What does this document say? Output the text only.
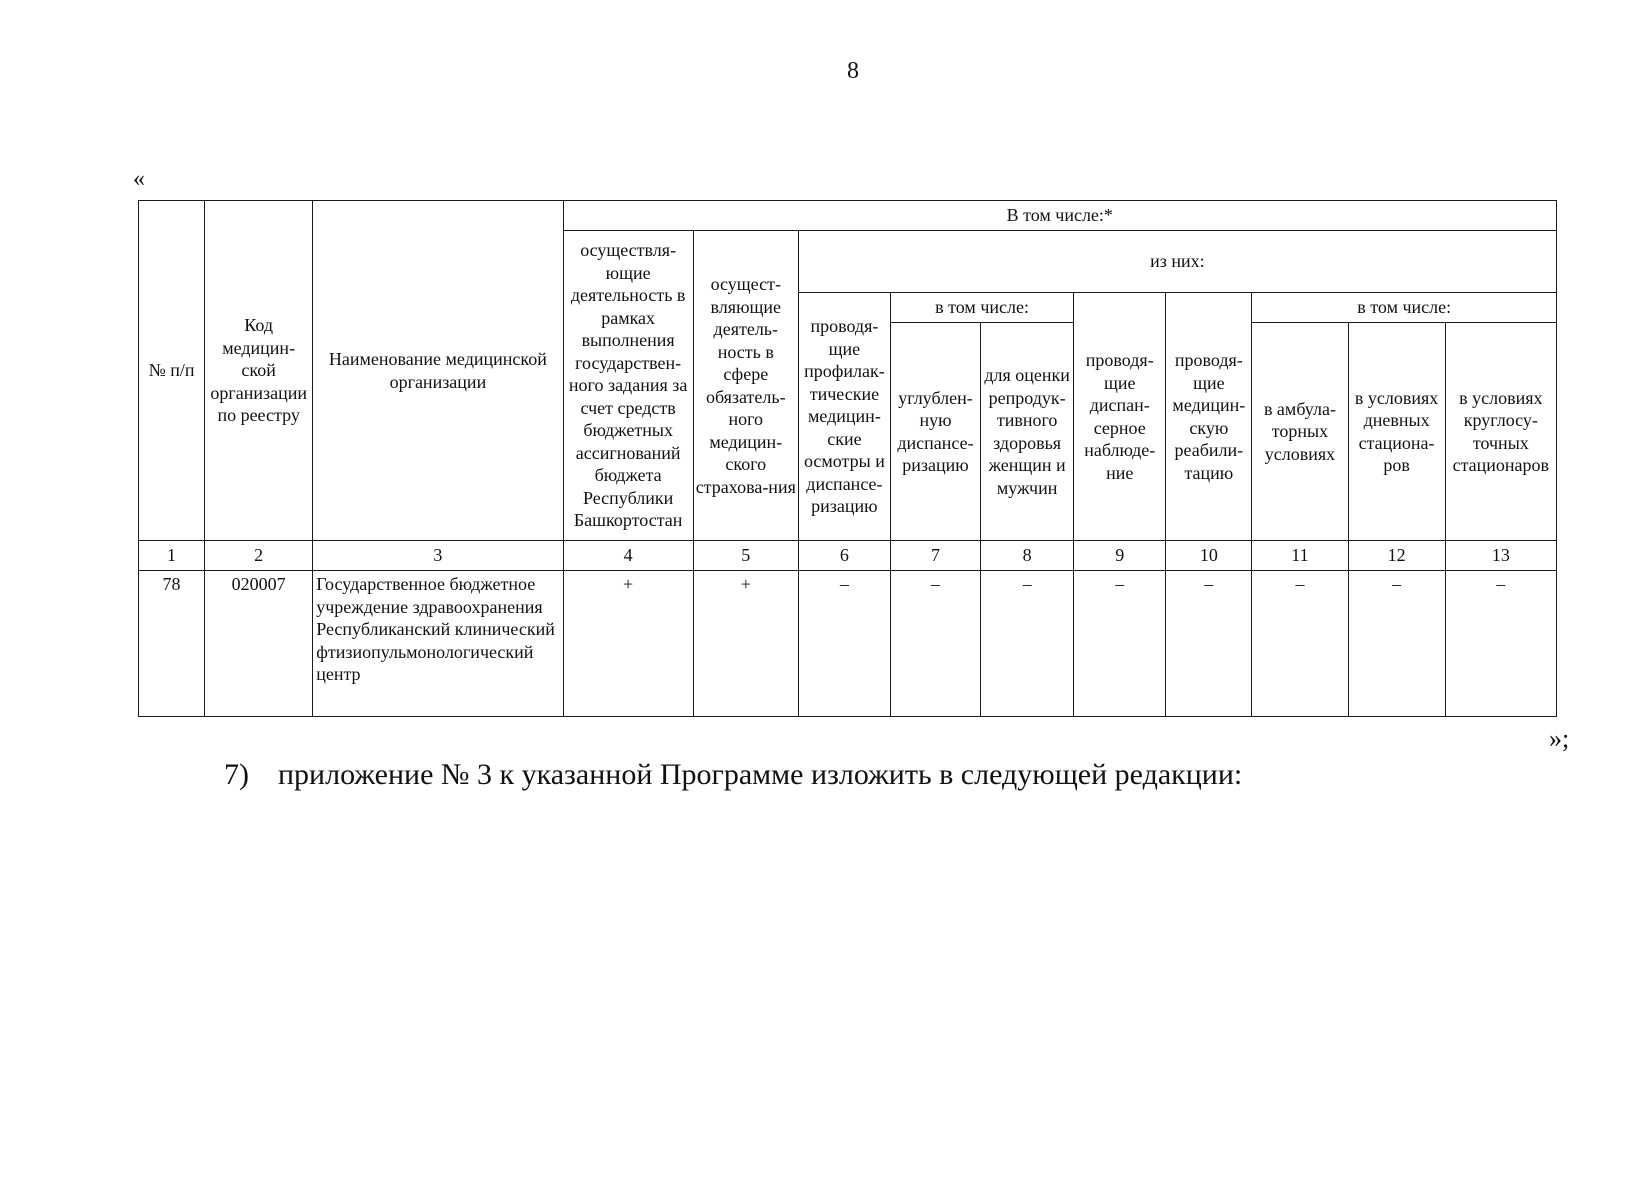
8
«
№ п/п	Код медицин-ской организации по реестру	Наименование медицинской организации	В том числе:*									
			осуществля-ющие деятельность в рамках выполнения государствен-ного задания за счет средств бюджетных ассигнований бюджета Республики Башкортостан	осущест-вляющие деятель-ность в сфере обязатель-ного медицин-ского страхова-ния	из них:							
					проводя-щие профилак-тические медицин-ские осмотры и диспансе-ризацию	в том числе:		проводя-щие диспан-серное наблюде-ние	проводя-щие медицин-скую реабили-тацию	в том числе:		
						углублен-ную диспансе-ризацию	для оценки репродук-тивного здоровья женщин и мужчин			в амбула-торных условиях	в условиях дневных стациона-ров	в условиях круглосу-точных стационаров
1	2	3	4	5	6	7	8	9	10	11	12	13
78	020007	Государственное бюджетное учреждение здравоохранения Республиканский клинический фтизиопульмонологический центр	+	+	–	–	–	–	–	–	–	–
»;
7) приложение № 3 к указанной Программе изложить в следующей редакции:
